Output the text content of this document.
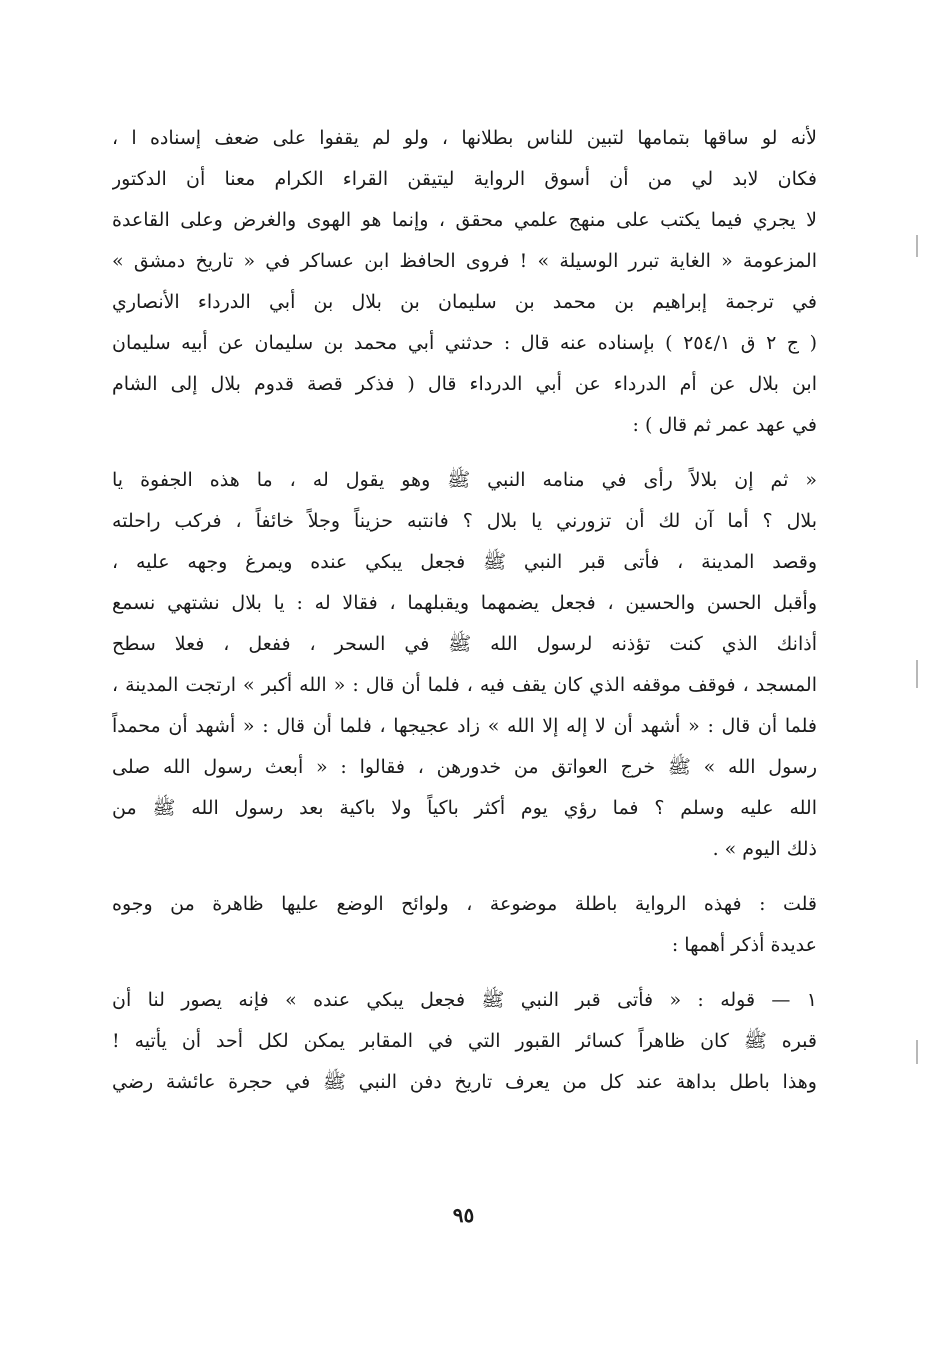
لأنه لو ساقها بتمامها لتبين للناس بطلانها ، ولو لم يقفوا على ضعف إسناده ا ،
فكان لابد لي من أن أسوق الرواية ليتيقن القراء الكرام معنا أن الدكتور
لا يجري فيما يكتب على منهج علمي محقق ، وإنما هو الهوى والغرض وعلى القاعدة
المزعومة « الغاية تبرر الوسيلة » ! فروى الحافظ ابن عساكر في « تاريخ دمشق »
في ترجمة إبراهيم بن محمد بن سليمان بن بلال بن أبي الدرداء الأنصاري
( ج ٢ ق ٢٥٤/١ ) بإسناده عنه قال : حدثني أبي محمد بن سليمان عن أبيه سليمان
ابن بلال عن أم الدرداء عن أبي الدرداء قال ( فذكر قصة قدوم بلال إلى الشام
في عهد عمر ثم قال ) :
« ثم إن بلالاً رأى في منامه النبي ﷺ وهو يقول له ، ما هذه الجفوة يا
بلال ؟ أما آن لك أن تزورني يا بلال ؟ فانتبه حزيناً وجلاً خائفاً ، فركب راحلته
وقصد المدينة ، فأتى قبر النبي ﷺ فجعل يبكي عنده ويمرغ وجهه عليه ،
وأقبل الحسن والحسين ، فجعل يضمهما ويقبلهما ، فقالا له : يا بلال نشتهي نسمع
أذانك الذي كنت تؤذنه لرسول الله ﷺ في السحر ، ففعل ، فعلا سطح
المسجد ، فوقف موقفه الذي كان يقف فيه ، فلما أن قال : « الله أكبر » ارتجت المدينة ،
فلما أن قال : « أشهد أن لا إله إلا الله » زاد عجيجها ، فلما أن قال : « أشهد أن محمداً
رسول الله » ﷺ خرج العواتق من خدورهن ، فقالوا : « أبعث رسول الله صلى
الله عليه وسلم ؟ فما رؤي يوم أكثر باكياً ولا باكية بعد رسول الله ﷺ من
ذلك اليوم » .
قلت : فهذه الرواية باطلة موضوعة ، ولوائح الوضع عليها ظاهرة من وجوه
عديدة أذكر أهمها :
١ — قوله : « فأتى قبر النبي ﷺ فجعل يبكي عنده » فإنه يصور لنا أن
قبره ﷺ كان ظاهراً كسائر القبور التي في المقابر يمكن لكل أحد أن يأتيه !
وهذا باطل بداهة عند كل من يعرف تاريخ دفن النبي ﷺ في حجرة عائشة رضي
٩٥
